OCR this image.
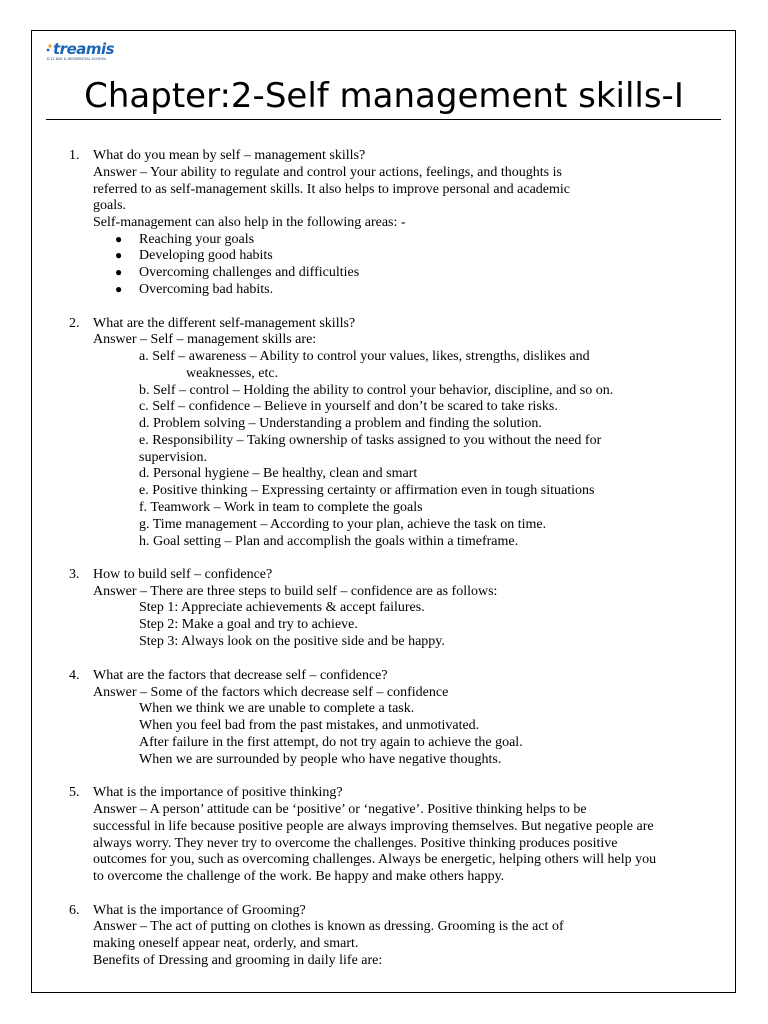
treamis
K-12 DAY & RESIDENTIAL SCHOOL
Chapter:2-Self management skills-I
1. What do you mean by self – management skills?
Answer – Your ability to regulate and control your actions, feelings, and thoughts is
referred to as self-management skills. It also helps to improve personal and academic
goals.
Self-management can also help in the following areas: -
● Reaching your goals
● Developing good habits
● Overcoming challenges and difficulties
● Overcoming bad habits.
2. What are the different self-management skills?
Answer – Self – management skills are:
a. Self – awareness – Ability to control your values, likes, strengths, dislikes and
weaknesses, etc.
b. Self – control – Holding the ability to control your behavior, discipline, and so on.
c. Self – confidence – Believe in yourself and don’t be scared to take risks.
d. Problem solving – Understanding a problem and finding the solution.
e. Responsibility – Taking ownership of tasks assigned to you without the need for
supervision.
d. Personal hygiene – Be healthy, clean and smart
e. Positive thinking – Expressing certainty or affirmation even in tough situations
f. Teamwork – Work in team to complete the goals
g. Time management – According to your plan, achieve the task on time.
h. Goal setting – Plan and accomplish the goals within a timeframe.
3. How to build self – confidence?
Answer – There are three steps to build self – confidence are as follows:
Step 1: Appreciate achievements & accept failures.
Step 2: Make a goal and try to achieve.
Step 3: Always look on the positive side and be happy.
4. What are the factors that decrease self – confidence?
Answer – Some of the factors which decrease self – confidence
When we think we are unable to complete a task.
When you feel bad from the past mistakes, and unmotivated.
After failure in the first attempt, do not try again to achieve the goal.
When we are surrounded by people who have negative thoughts.
5. What is the importance of positive thinking?
Answer – A person’ attitude can be ‘positive’ or ‘negative’. Positive thinking helps to be
successful in life because positive people are always improving themselves. But negative people are
always worry. They never try to overcome the challenges. Positive thinking produces positive
outcomes for you, such as overcoming challenges. Always be energetic, helping others will help you
to overcome the challenge of the work. Be happy and make others happy.
6. What is the importance of Grooming?
Answer – The act of putting on clothes is known as dressing. Grooming is the act of
making oneself appear neat, orderly, and smart.
Benefits of Dressing and grooming in daily life are:
